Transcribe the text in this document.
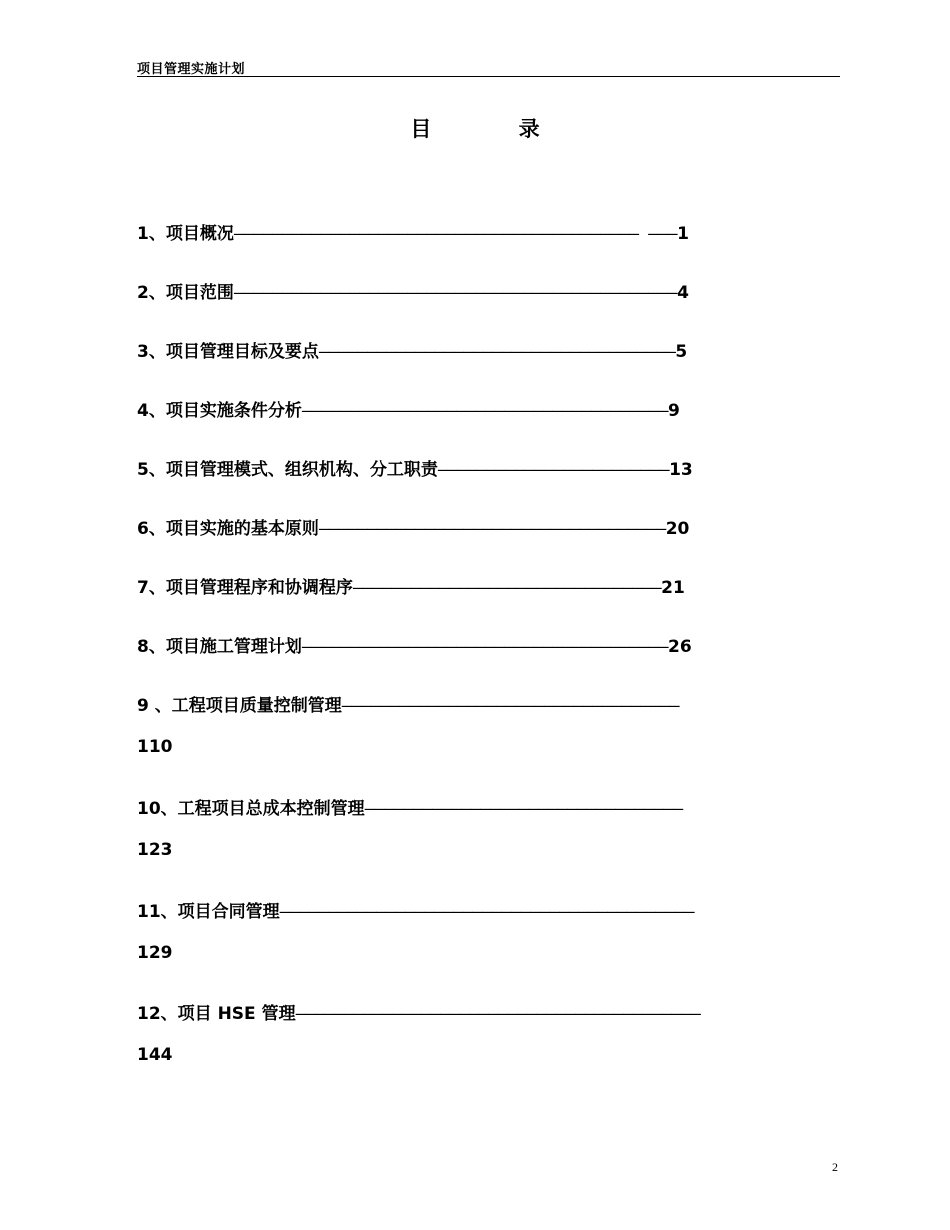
项目管理实施计划
目 录
1、项目概况—————————————————————————————————————————— ———1
2、项目范围——————————————————————————————————————————————4
3、项目管理目标及要点—————————————————————————————————————5
4、项目实施条件分析——————————————————————————————————————9
5、项目管理模式、组织机构、分工职责————————————————————————13
6、项目实施的基本原则————————————————————————————————————20
7、项目管理程序和协调程序————————————————————————————————21
8、项目施工管理计划——————————————————————————————————————26
9 、工程项目质量控制管理———————————————————————————————————
110
10、工程项目总成本控制管理—————————————————————————————————
123
11、项目合同管理———————————————————————————————————————————
129
12、项目 HSE 管理——————————————————————————————————————————
144
2
